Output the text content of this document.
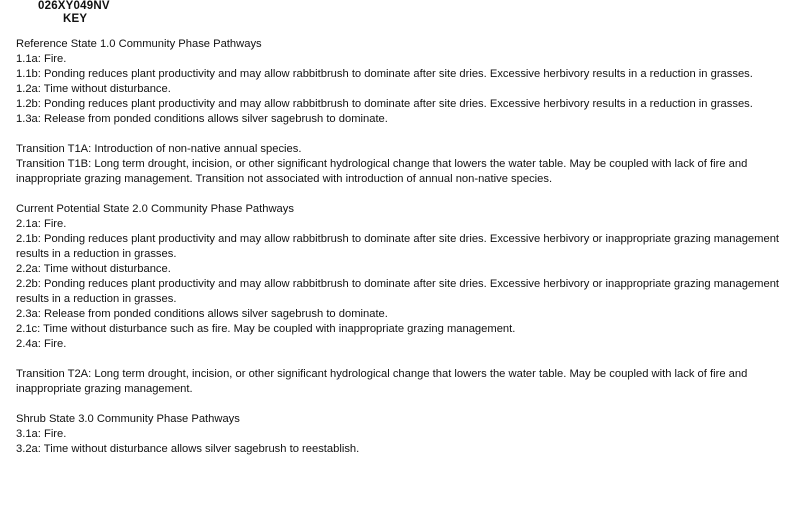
026XY049NV
KEY
Reference State 1.0 Community Phase Pathways
1.1a: Fire.
1.1b: Ponding reduces plant productivity and may allow rabbitbrush to dominate after site dries. Excessive herbivory results in a reduction in grasses.
1.2a: Time without disturbance.
1.2b: Ponding reduces plant productivity and may allow rabbitbrush to dominate after site dries. Excessive herbivory results in a reduction in grasses.
1.3a: Release from ponded conditions allows silver sagebrush to dominate.
Transition T1A: Introduction of non-native annual species.
Transition T1B: Long term drought, incision, or other significant hydrological change that lowers the water table. May be coupled with lack of fire and inappropriate grazing management. Transition not associated with introduction of annual non-native species.
Current Potential State 2.0 Community Phase Pathways
2.1a: Fire.
2.1b: Ponding reduces plant productivity and may allow rabbitbrush to dominate after site dries. Excessive herbivory or inappropriate grazing management results in a reduction in grasses.
2.2a: Time without disturbance.
2.2b: Ponding reduces plant productivity and may allow rabbitbrush to dominate after site dries. Excessive herbivory or inappropriate grazing management results in a reduction in grasses.
2.3a: Release from ponded conditions allows silver sagebrush to dominate.
2.1c: Time without disturbance such as fire. May be coupled with inappropriate grazing management.
2.4a: Fire.
Transition T2A: Long term drought, incision, or other significant hydrological change that lowers the water table. May be coupled with lack of fire and inappropriate grazing management.
Shrub State 3.0 Community Phase Pathways
3.1a: Fire.
3.2a: Time without disturbance allows silver sagebrush to reestablish.
